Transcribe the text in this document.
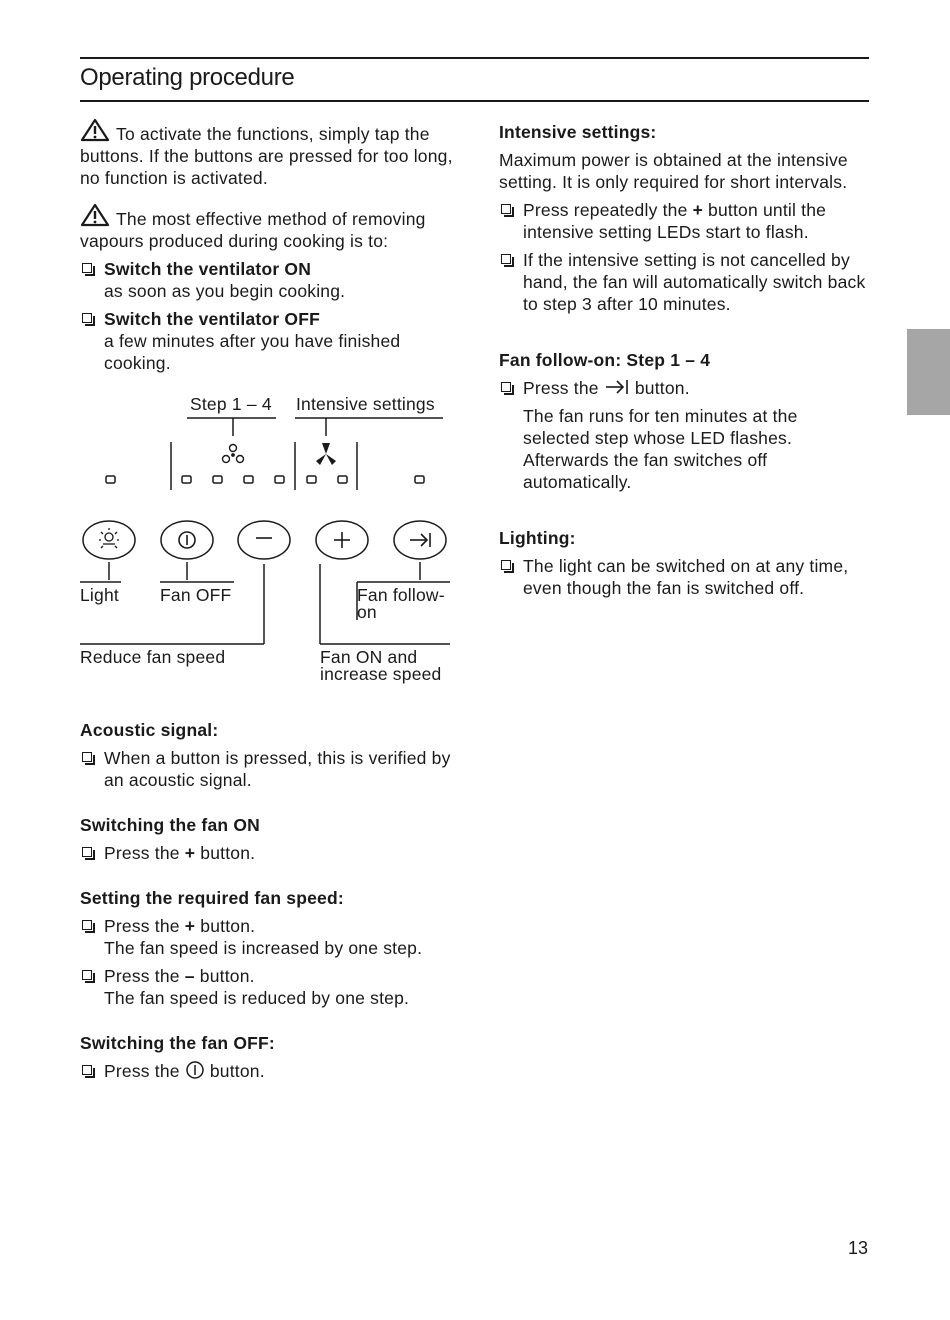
Operating procedure

To activate the functions, simply tap the buttons. If the buttons are pressed for too long, no function is activated.

The most effective method of removing vapours produced during cooking is to:

Switch the ventilator ON
as soon as you begin cooking.
Switch the ventilator OFF
a few minutes after you have finished cooking.
Step 1 – 4 Intensive settings
Light Fan OFF	Fan follow-
on
Reduce fan speed	Fan ON and
increase speed
Acoustic signal:
When a button is pressed, this is verified by an acoustic signal.
Switching the fan ON
Press the + button.
Setting the required fan speed:
Press the + button.
The fan speed is increased by one step.
Press the – button.
The fan speed is reduced by one step.
Switching the fan OFF:
Press the  button.
Intensive settings:

Maximum power is obtained at the intensive setting. It is only required for short intervals.

Press repeatedly the + button until the intensive setting LEDs start to flash.
If the intensive setting is not cancelled by hand, the fan will automatically switch back to step 3 after 10 minutes.
Fan follow-on: Step 1 – 4
Press the  button.

The fan runs for ten minutes at the selected step whose LED flashes. Afterwards the fan switches off automatically.

Lighting:
The light can be switched on at any time, even though the fan is switched off.
13
